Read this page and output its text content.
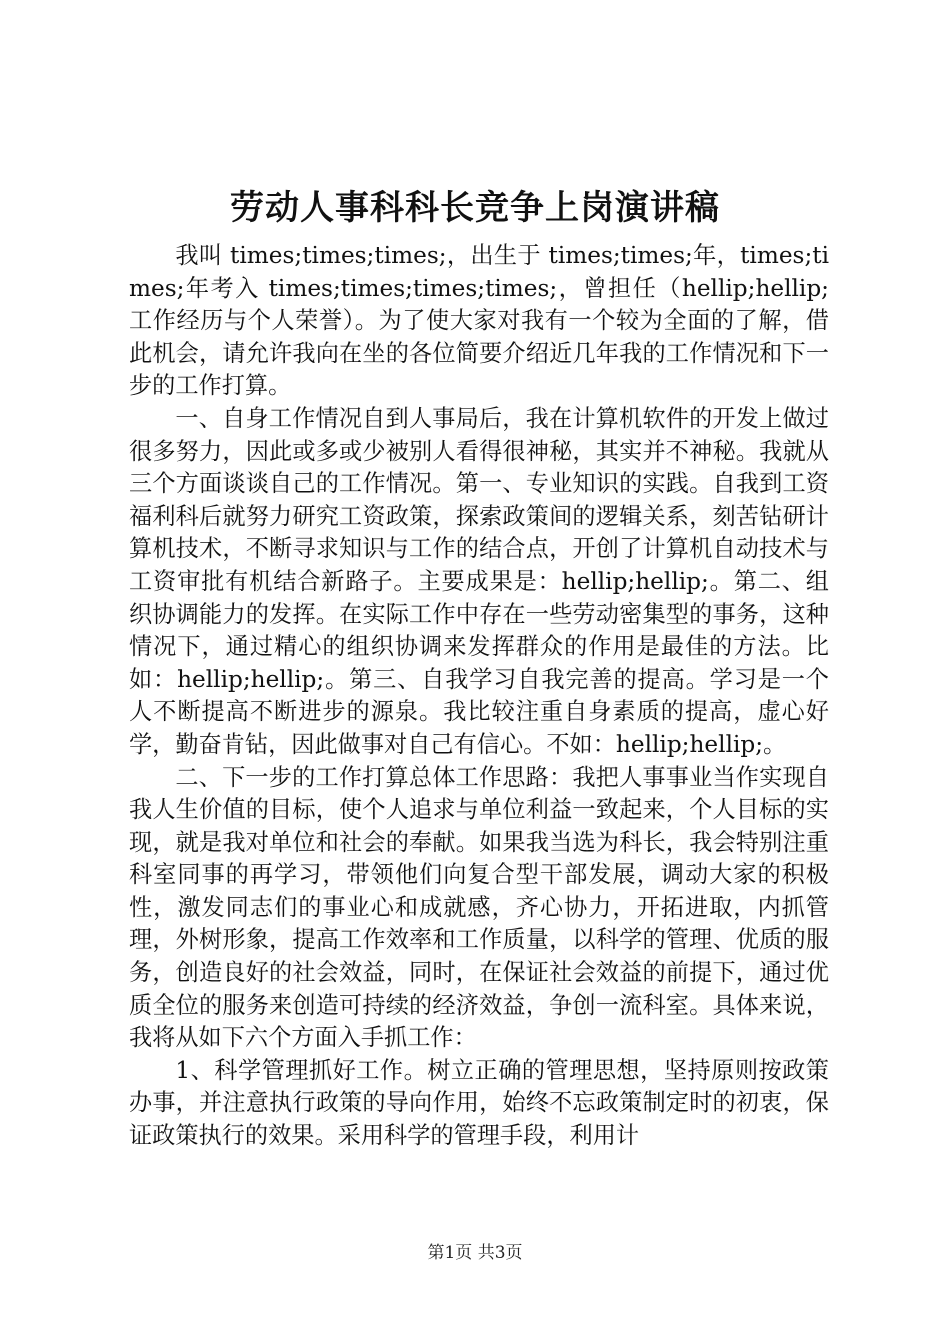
劳动人事科科长竞争上岗演讲稿

我叫 times;times;times;，出生于 times;times;年，times;times;年考入 times;times;times;times;，曾担任（hellip;hellip;工作经历与个人荣誉）。为了使大家对我有一个较为全面的了解，借此机会，请允许我向在坐的各位简要介绍近几年我的工作情况和下一步的工作打算。

一、自身工作情况自到人事局后，我在计算机软件的开发上做过很多努力，因此或多或少被别人看得很神秘，其实并不神秘。我就从三个方面谈谈自己的工作情况。第一、专业知识的实践。自我到工资福利科后就努力研究工资政策，探索政策间的逻辑关系，刻苦钻研计算机技术，不断寻求知识与工作的结合点，开创了计算机自动技术与工资审批有机结合新路子。主要成果是：hellip;hellip;。第二、组织协调能力的发挥。在实际工作中存在一些劳动密集型的事务，这种情况下，通过精心的组织协调来发挥群众的作用是最佳的方法。比如：hellip;hellip;。第三、自我学习自我完善的提高。学习是一个人不断提高不断进步的源泉。我比较注重自身素质的提高，虚心好学，勤奋肯钻，因此做事对自己有信心。不如：hellip;hellip;。

二、下一步的工作打算总体工作思路：我把人事事业当作实现自我人生价值的目标，使个人追求与单位利益一致起来，个人目标的实现，就是我对单位和社会的奉献。如果我当选为科长，我会特别注重科室同事的再学习，带领他们向复合型干部发展，调动大家的积极性，激发同志们的事业心和成就感，齐心协力，开拓进取，内抓管理，外树形象，提高工作效率和工作质量，以科学的管理、优质的服务，创造良好的社会效益，同时，在保证社会效益的前提下，通过优质全位的服务来创造可持续的经济效益，争创一流科室。具体来说，我将从如下六个方面入手抓工作：

1、科学管理抓好工作。树立正确的管理思想，坚持原则按政策办事，并注意执行政策的导向作用，始终不忘政策制定时的初衷，保证政策执行的效果。采用科学的管理手段，利用计

第1页 共3页
